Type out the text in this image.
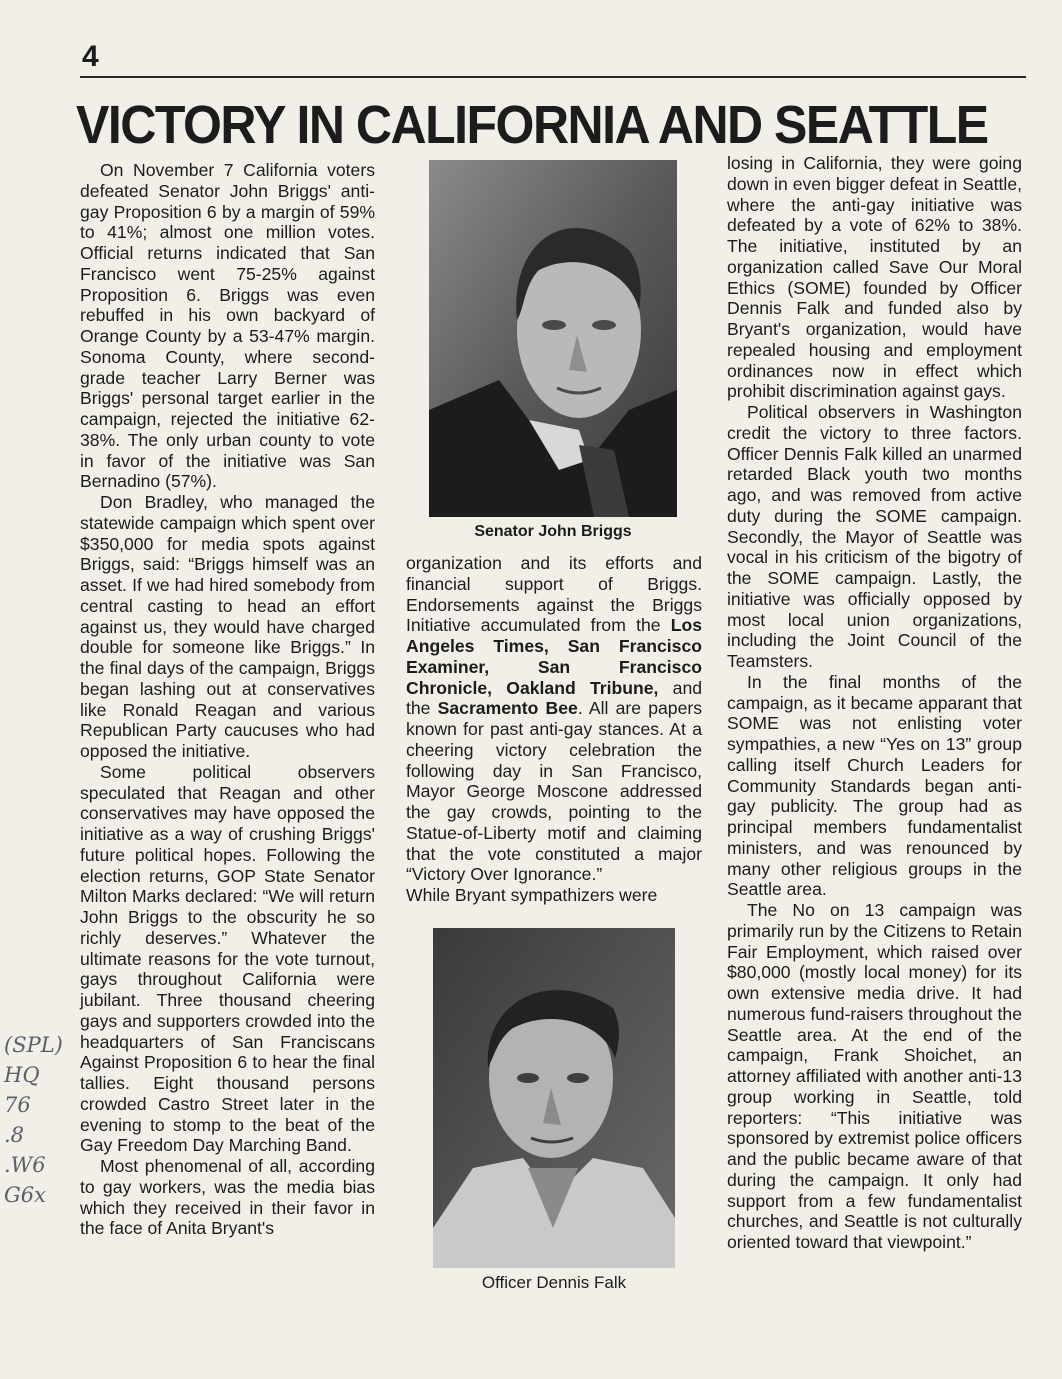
4
VICTORY IN CALIFORNIA AND SEATTLE

On November 7 California voters defeated Senator John Briggs' anti-gay Proposition 6 by a margin of 59% to 41%; almost one million votes. Official returns indicated that San Francisco went 75-25% against Proposition 6. Briggs was even rebuffed in his own backyard of Orange County by a 53-47% margin. Sonoma County, where second-grade teacher Larry Berner was Briggs' personal target earlier in the campaign, rejected the initiative 62-38%. The only urban county to vote in favor of the initiative was San Bernadino (57%).

Don Bradley, who managed the statewide campaign which spent over $350,000 for media spots against Briggs, said: “Briggs himself was an asset. If we had hired somebody from central casting to head an effort against us, they would have charged double for someone like Briggs.” In the final days of the campaign, Briggs began lashing out at conservatives like Ronald Reagan and various Republican Party caucuses who had opposed the initiative.

Some political observers speculated that Reagan and other conservatives may have opposed the initiative as a way of crushing Briggs' future political hopes. Following the election returns, GOP State Senator Milton Marks declared: “We will return John Briggs to the obscurity he so richly deserves.” Whatever the ultimate reasons for the vote turnout, gays throughout California were jubilant. Three thousand cheering gays and supporters crowded into the headquarters of San Franciscans Against Proposition 6 to hear the final tallies. Eight thousand persons crowded Castro Street later in the evening to stomp to the beat of the Gay Freedom Day Marching Band.

Most phenomenal of all, according to gay workers, was the media bias which they received in their favor in the face of Anita Bryant's

Senator John Briggs

organization and its efforts and financial support of Briggs. Endorsements against the Briggs Initiative accumulated from the Los Angeles Times, San Francisco Examiner, San Francisco Chronicle, Oakland Tribune, and the Sacramento Bee. All are papers known for past anti-gay stances. At a cheering victory celebration the following day in San Francisco, Mayor George Moscone addressed the gay crowds, pointing to the Statue-of-Liberty motif and claiming that the vote constituted a major “Victory Over Ignorance.”

While Bryant sympathizers were

Officer Dennis Falk

losing in California, they were going down in even bigger defeat in Seattle, where the anti-gay initiative was defeated by a vote of 62% to 38%. The initiative, instituted by an organization called Save Our Moral Ethics (SOME) founded by Officer Dennis Falk and funded also by Bryant's organization, would have repealed housing and employment ordinances now in effect which prohibit discrimination against gays.

Political observers in Washington credit the victory to three factors. Officer Dennis Falk killed an unarmed retarded Black youth two months ago, and was removed from active duty during the SOME campaign. Secondly, the Mayor of Seattle was vocal in his criticism of the bigotry of the SOME campaign. Lastly, the initiative was officially opposed by most local union organizations, including the Joint Council of the Teamsters.

In the final months of the campaign, as it became apparant that SOME was not enlisting voter sympathies, a new “Yes on 13” group calling itself Church Leaders for Community Standards began anti-gay publicity. The group had as principal members fundamentalist ministers, and was renounced by many other religious groups in the Seattle area.

The No on 13 campaign was primarily run by the Citizens to Retain Fair Employment, which raised over $80,000 (mostly local money) for its own extensive media drive. It had numerous fund-raisers throughout the Seattle area. At the end of the campaign, Frank Shoichet, an attorney affiliated with another anti-13 group working in Seattle, told reporters: “This initiative was sponsored by extremist police officers and the public became aware of that during the campaign. It only had support from a few fundamentalist churches, and Seattle is not culturally oriented toward that viewpoint.”

(SPL)
HQ
76
.8
.W6
G6x
